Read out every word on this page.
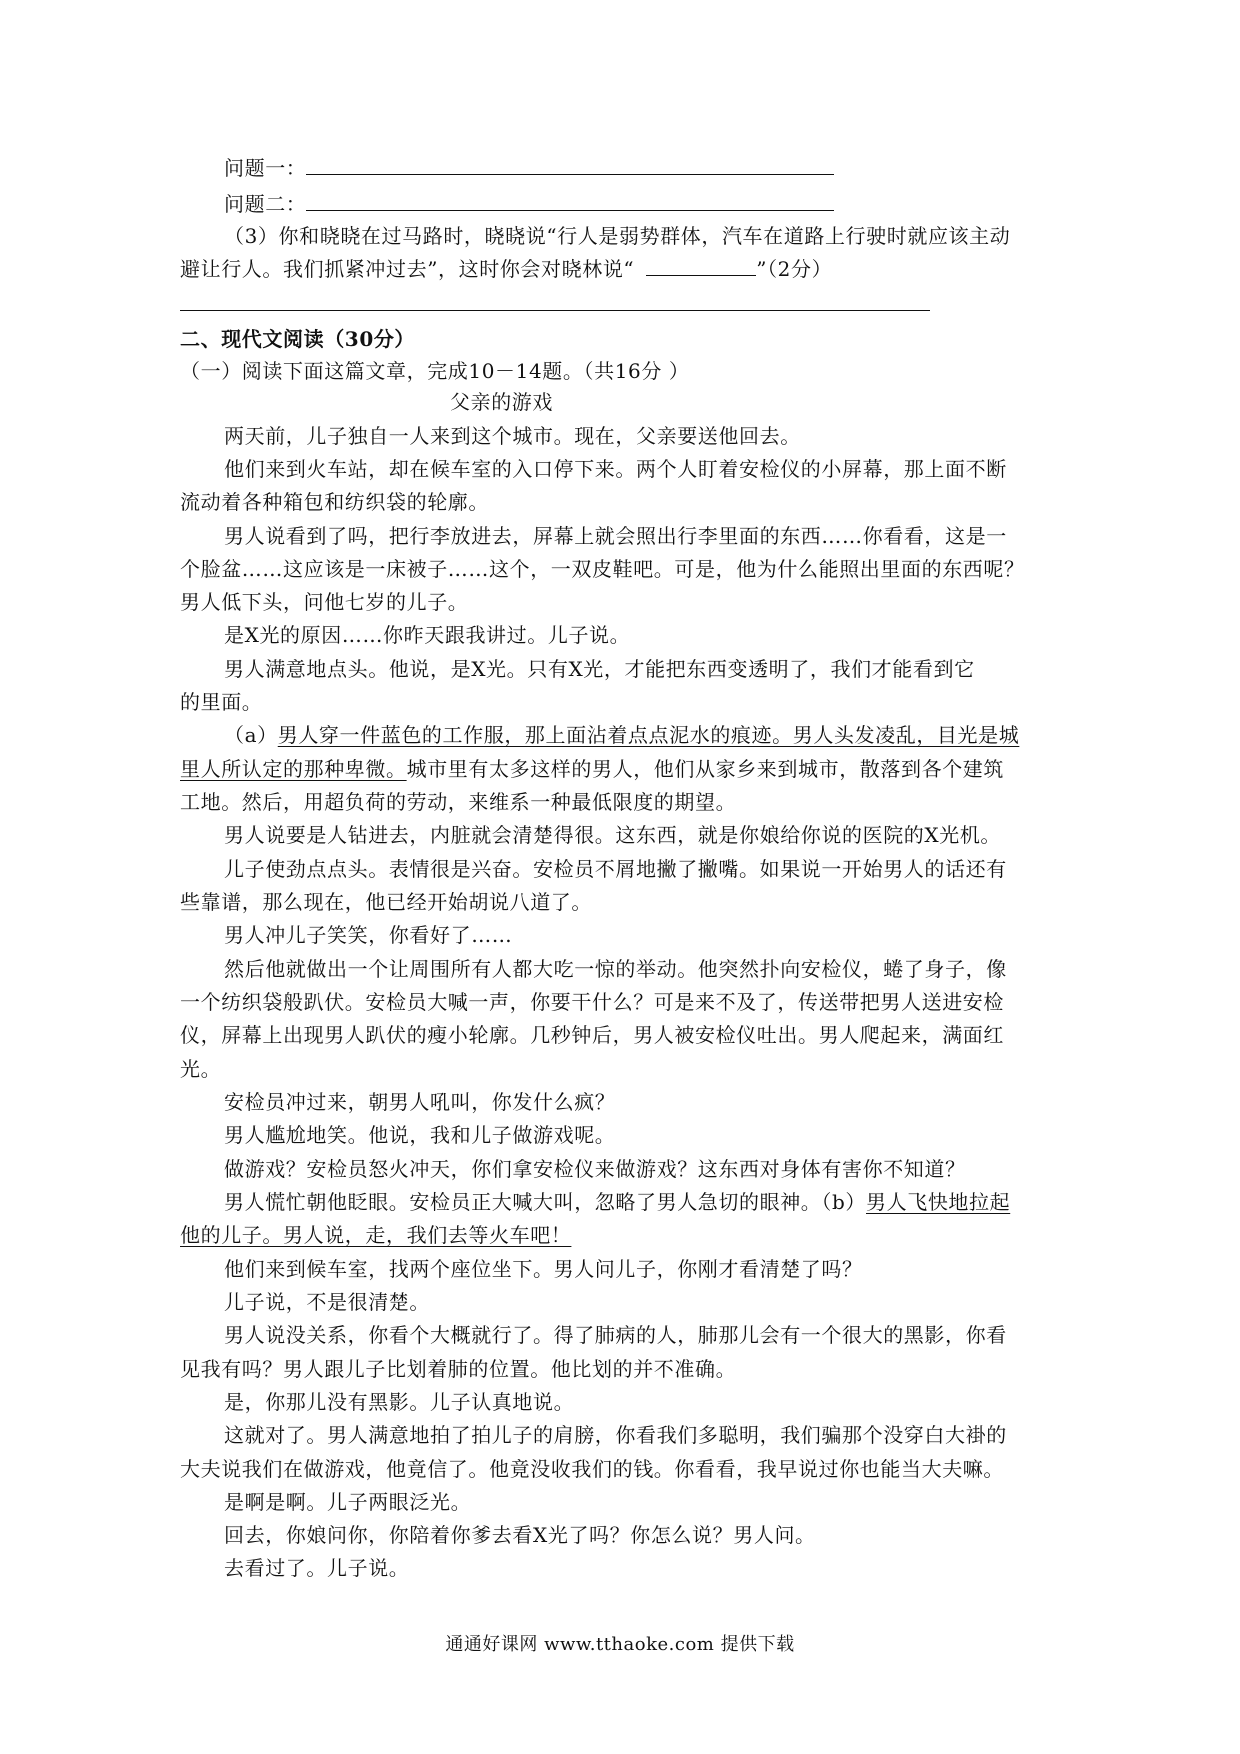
问题一：
问题二：
（3）你和晓晓在过马路时，晓晓说“行人是弱势群体，汽车在道路上行驶时就应该主动
避让行人。我们抓紧冲过去”，这时你会对晓林说“	”（2分）
二、现代文阅读（30分）
（一）阅读下面这篇文章，完成10－14题。（共16分 ）
父亲的游戏
两天前，儿子独自一人来到这个城市。现在，父亲要送他回去。
他们来到火车站，却在候车室的入口停下来。两个人盯着安检仪的小屏幕，那上面不断
流动着各种箱包和纺织袋的轮廓。
男人说看到了吗，把行李放进去，屏幕上就会照出行李里面的东西……你看看，这是一
个脸盆……这应该是一床被子……这个，一双皮鞋吧。可是，他为什么能照出里面的东西呢？
男人低下头，问他七岁的儿子。
是X光的原因……你昨天跟我讲过。儿子说。
男人满意地点头。他说，是X光。只有X光，才能把东西变透明了，我们才能看到它
的里面。
（a）男人穿一件蓝色的工作服，那上面沾着点点泥水的痕迹。男人头发凌乱，目光是城
里人所认定的那种卑微。城市里有太多这样的男人，他们从家乡来到城市，散落到各个建筑
工地。然后，用超负荷的劳动，来维系一种最低限度的期望。
男人说要是人钻进去，内脏就会清楚得很。这东西，就是你娘给你说的医院的X光机。
儿子使劲点点头。表情很是兴奋。安检员不屑地撇了撇嘴。如果说一开始男人的话还有
些靠谱，那么现在，他已经开始胡说八道了。
男人冲儿子笑笑，你看好了……
然后他就做出一个让周围所有人都大吃一惊的举动。他突然扑向安检仪，蜷了身子，像
一个纺织袋般趴伏。安检员大喊一声，你要干什么？可是来不及了，传送带把男人送进安检
仪，屏幕上出现男人趴伏的瘦小轮廓。几秒钟后，男人被安检仪吐出。男人爬起来，满面红
光。
安检员冲过来，朝男人吼叫，你发什么疯？
男人尴尬地笑。他说，我和儿子做游戏呢。
做游戏？安检员怒火冲天，你们拿安检仪来做游戏？这东西对身体有害你不知道？
男人慌忙朝他眨眼。安检员正大喊大叫，忽略了男人急切的眼神。（b）男人飞快地拉起
他的儿子。男人说，走，我们去等火车吧！
他们来到候车室，找两个座位坐下。男人问儿子，你刚才看清楚了吗？
儿子说，不是很清楚。
男人说没关系，你看个大概就行了。得了肺病的人，肺那儿会有一个很大的黑影，你看
见我有吗？男人跟儿子比划着肺的位置。他比划的并不准确。
是，你那儿没有黑影。儿子认真地说。
这就对了。男人满意地拍了拍儿子的肩膀，你看我们多聪明，我们骗那个没穿白大褂的
大夫说我们在做游戏，他竟信了。他竟没收我们的钱。你看看，我早说过你也能当大夫嘛。
是啊是啊。儿子两眼泛光。
回去，你娘问你，你陪着你爹去看X光了吗？你怎么说？男人问。
去看过了。儿子说。
通通好课网 www.tthaoke.com 提供下载
